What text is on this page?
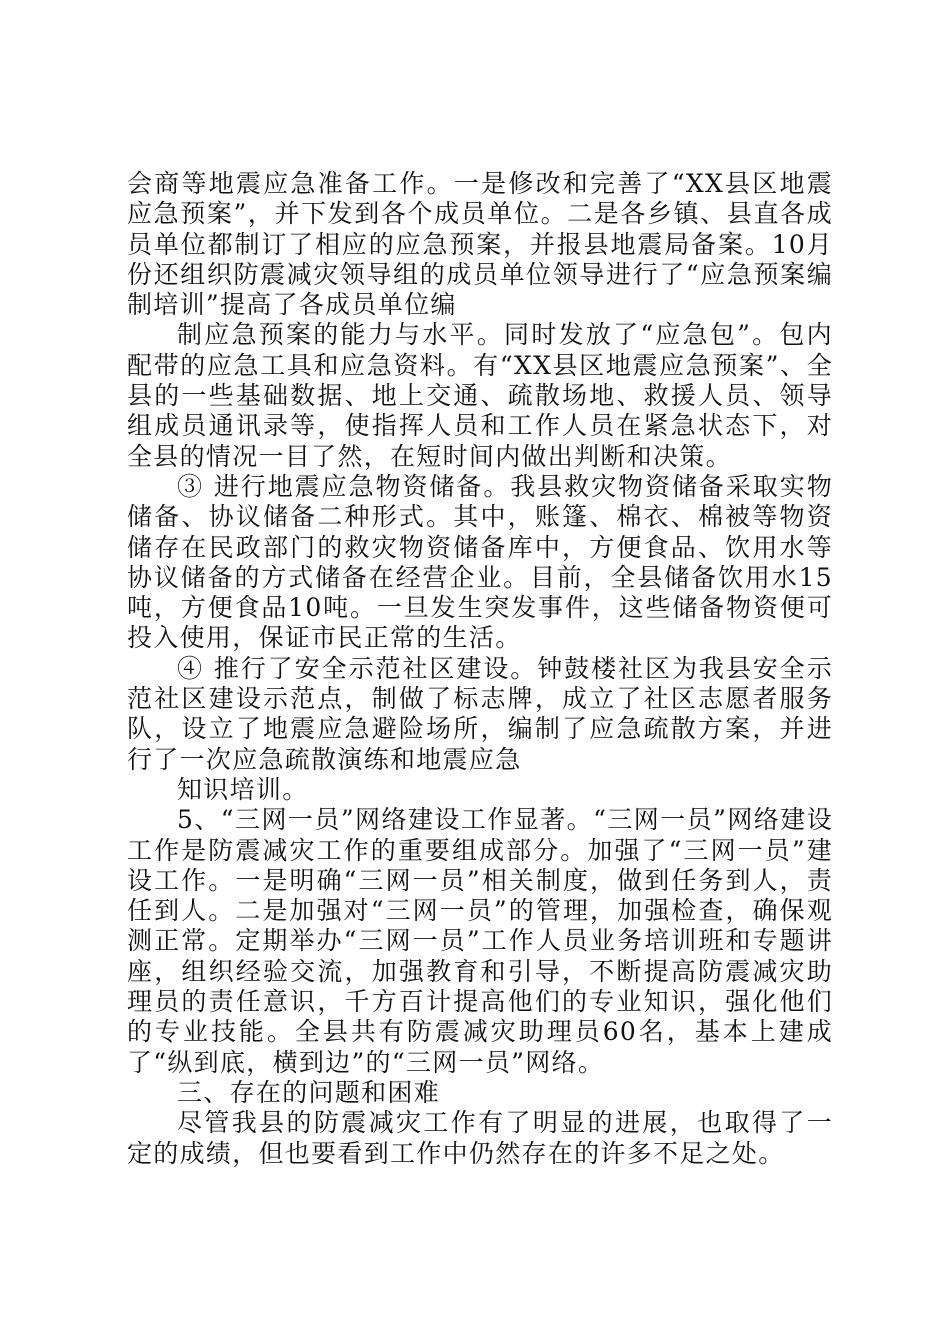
会商等地震应急准备工作。一是修改和完善了“XX县区地震应急预案”，并下发到各个成员单位。二是各乡镇、县直各成员单位都制订了相应的应急预案，并报县地震局备案。10月份还组织防震减灾领导组的成员单位领导进行了“应急预案编制培训”提高了各成员单位编

制应急预案的能力与水平。同时发放了“应急包”。包内配带的应急工具和应急资料。有“XX县区地震应急预案”、全县的一些基础数据、地上交通、疏散场地、救援人员、领导组成员通讯录等，使指挥人员和工作人员在紧急状态下，对全县的情况一目了然，在短时间内做出判断和决策。

③ 进行地震应急物资储备。我县救灾物资储备采取实物储备、协议储备二种形式。其中，账篷、棉衣、棉被等物资储存在民政部门的救灾物资储备库中，方便食品、饮用水等协议储备的方式储备在经营企业。目前，全县储备饮用水15吨，方便食品10吨。一旦发生突发事件，这些储备物资便可投入使用，保证市民正常的生活。

④ 推行了安全示范社区建设。钟鼓楼社区为我县安全示范社区建设示范点，制做了标志牌，成立了社区志愿者服务队，设立了地震应急避险场所，编制了应急疏散方案，并进行了一次应急疏散演练和地震应急

知识培训。

5、“三网一员”网络建设工作显著。“三网一员”网络建设工作是防震减灾工作的重要组成部分。加强了“三网一员”建设工作。一是明确“三网一员”相关制度，做到任务到人，责任到人。二是加强对“三网一员”的管理，加强检查，确保观测正常。定期举办“三网一员”工作人员业务培训班和专题讲座，组织经验交流，加强教育和引导，不断提高防震减灾助理员的责任意识，千方百计提高他们的专业知识，强化他们的专业技能。全县共有防震减灾助理员60名，基本上建成了“纵到底，横到边”的“三网一员”网络。

三、存在的问题和困难

尽管我县的防震减灾工作有了明显的进展，也取得了一定的成绩，但也要看到工作中仍然存在的许多不足之处。
